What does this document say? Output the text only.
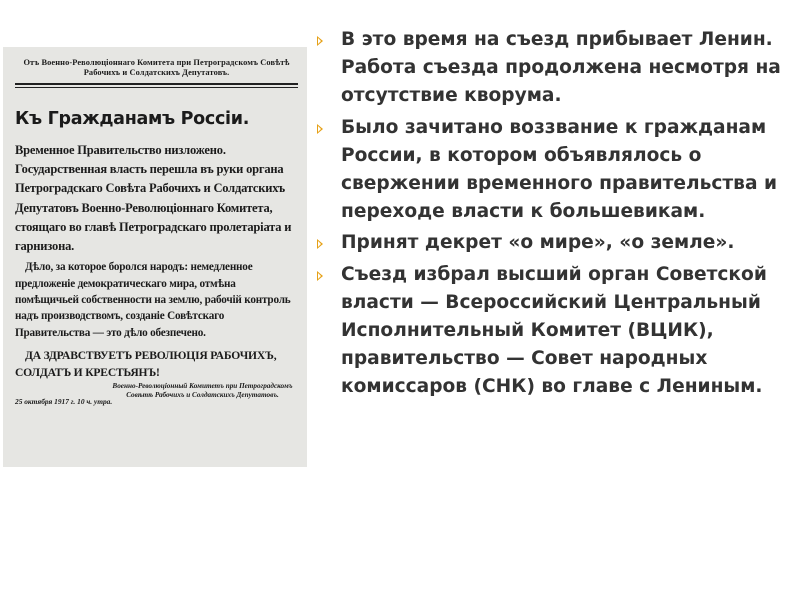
Отъ Военно-Революціоннаго Комитета при Петроградскомъ Совѣтѣ Рабочихъ и Солдатскихъ Депутатовъ.
Къ Гражданамъ Россіи.
Временное Правительство низложено. Государственная власть перешла въ руки органа Петроградскаго Совѣта Рабочихъ и Солдатскихъ Депутатовъ Военно-Революціоннаго Комитета, стоящаго во главѣ Петроградскаго пролетаріата и гарнизона.
Дѣло, за которое боролся народъ: немедленное предложеніе демократическаго мира, отмѣна помѣщичьей собственности на землю, рабочій контроль надъ производствомъ, созданіе Совѣтскаго Правительства — это дѣло обезпечено.
ДА ЗДРАВСТВУЕТЪ РЕВОЛЮЦІЯ РАБОЧИХЪ, СОЛДАТЪ И КРЕСТЬЯНЪ!
Военно-Революціонный Комитетъ при Петроградскомъ Совѣтѣ Рабочихъ и Солдатскихъ Депутатовъ.
25 октября 1917 г. 10 ч. утра.
В это время на съезд прибывает Ленин. Работа съезда продолжена несмотря на отсутствие кворума.
Было зачитано воззвание к гражданам России, в котором объявлялось о свержении временного правительства и переходе власти к большевикам.
Принят декрет «о мире», «о земле».
Съезд избрал высший орган Советской власти — Всероссийский Центральный Исполнительный Комитет (ВЦИК), правительство — Совет народных комиссаров (СНК) во главе с Лениным.
